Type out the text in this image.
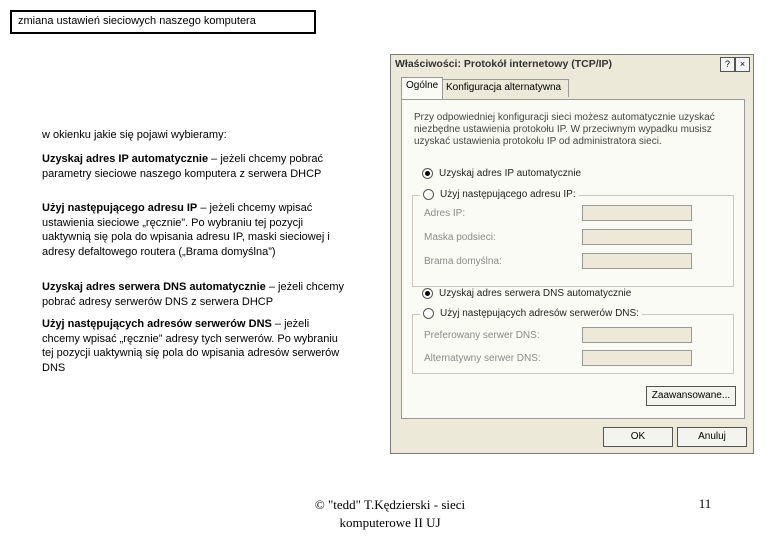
zmiana ustawień sieciowych naszego komputera
w okienku jakie się pojawi wybieramy:
Uzyskaj adres IP automatycznie – jeżeli chcemy pobrać parametry sieciowe naszego komputera z serwera DHCP
Użyj następującego adresu IP – jeżeli chcemy wpisać ustawienia sieciowe „ręcznie”. Po wybraniu tej pozycji uaktywnią się pola do wpisania adresu IP, maski sieciowej i adresy defaltowego routera („Brama domyślna”)
Uzyskaj adres serwera DNS automatycznie – jeżeli chcemy pobrać adresy serwerów DNS z serwera DHCP
Użyj następujących adresów serwerów DNS – jeżeli chcemy wpisać „ręcznie” adresy tych serwerów. Po wybraniu tej pozycji uaktywnią się pola do wpisania adresów serwerów DNS
Właściwości: Protokół internetowy (TCP/IP)	?	×
Konfiguracja alternatywna
Ogólne
Przy odpowiedniej konfiguracji sieci możesz automatycznie uzyskać niezbędne ustawienia protokołu IP. W przeciwnym wypadku musisz uzyskać ustawienia protokołu IP od administratora sieci.
Uzyskaj adres IP automatycznie
Użyj następującego adresu IP:
Adres IP:
Maska podsieci:
Brama domyślna:
Uzyskaj adres serwera DNS automatycznie
Użyj następujących adresów serwerów DNS:
Preferowany serwer DNS:
Alternatywny serwer DNS:
Zaawansowane...
OK	Anuluj
© "tedd" T.Kędzierski - sieci
komputerowe II UJ
11
